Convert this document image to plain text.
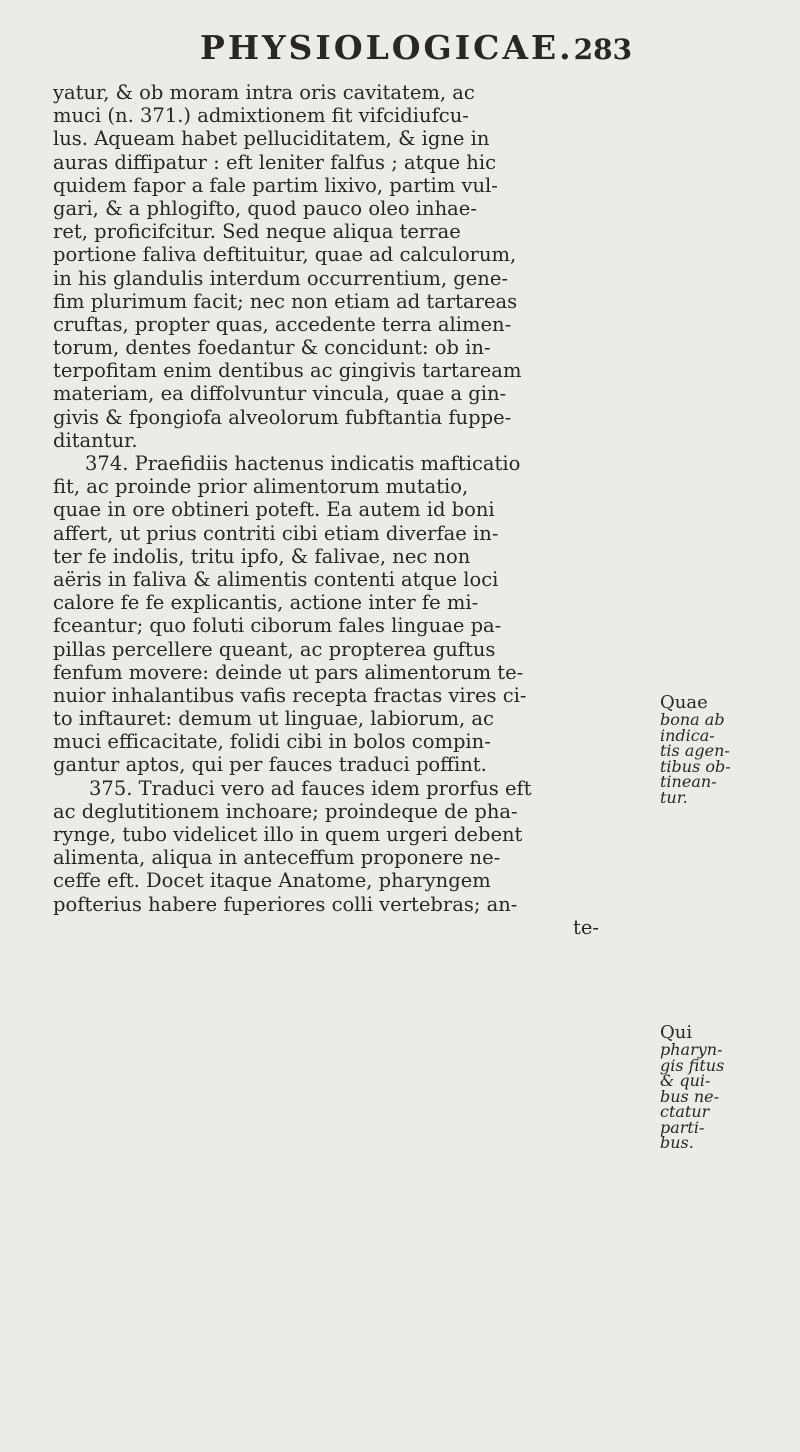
PHYSIOLOGICAE. 283
yatur, & ob moram intra oris cavitatem, ac
muci (n. 371.) admixtionem fit vifcidiufcu-
lus. Aqueam habet pelluciditatem, & igne in
auras diffipatur : eft leniter falfus ; atque hic
quidem fapor a fale partim lixivo, partim vul-
gari, & a phlogifto, quod pauco oleo inhae-
ret, proficifcitur. Sed neque aliqua terrae
portione faliva deftituitur, quae ad calculorum,
in his glandulis interdum occurrentium, gene-
fim plurimum facit; nec non etiam ad tartareas
cruftas, propter quas, accedente terra alimen-
torum, dentes foedantur & concidunt: ob in-
terpofitam enim dentibus ac gingivis tartaream
materiam, ea diffolvuntur vincula, quae a gin-
givis & fpongiofa alveolorum fubftantia fuppe-
ditantur.
374. Praefidiis hactenus indicatis mafticatio
fit, ac proinde prior alimentorum mutatio,
quae in ore obtineri poteft. Ea autem id boni
affert, ut prius contriti cibi etiam diverfae in-
ter fe indolis, tritu ipfo, & falivae, nec non
aëris in faliva & alimentis contenti atque loci
calore fe fe explicantis, actione inter fe mi-
fceantur; quo foluti ciborum fales linguae pa-
pillas percellere queant, ac propterea guftus
fenfum movere: deinde ut pars alimentorum te-
nuior inhalantibus vafis recepta fractas vires ci-
to inftauret: demum ut linguae, labiorum, ac
muci efficacitate, folidi cibi in bolos compin-
gantur aptos, qui per fauces traduci poffint.
375. Traduci vero ad fauces idem prorfus eft
ac deglutitionem inchoare; proindeque de pha-
rynge, tubo videlicet illo in quem urgeri debent
alimenta, aliqua in anteceffum proponere ne-
ceffe eft. Docet itaque Anatome, pharyngem
pofterius habere fuperiores colli vertebras; an-
te-
Quae
bona ab
indica-
tis agen-
tibus ob-
tinean-
tur.
Qui
pharyn-
gis fitus
& qui-
bus ne-
ctatur
parti-
bus.
